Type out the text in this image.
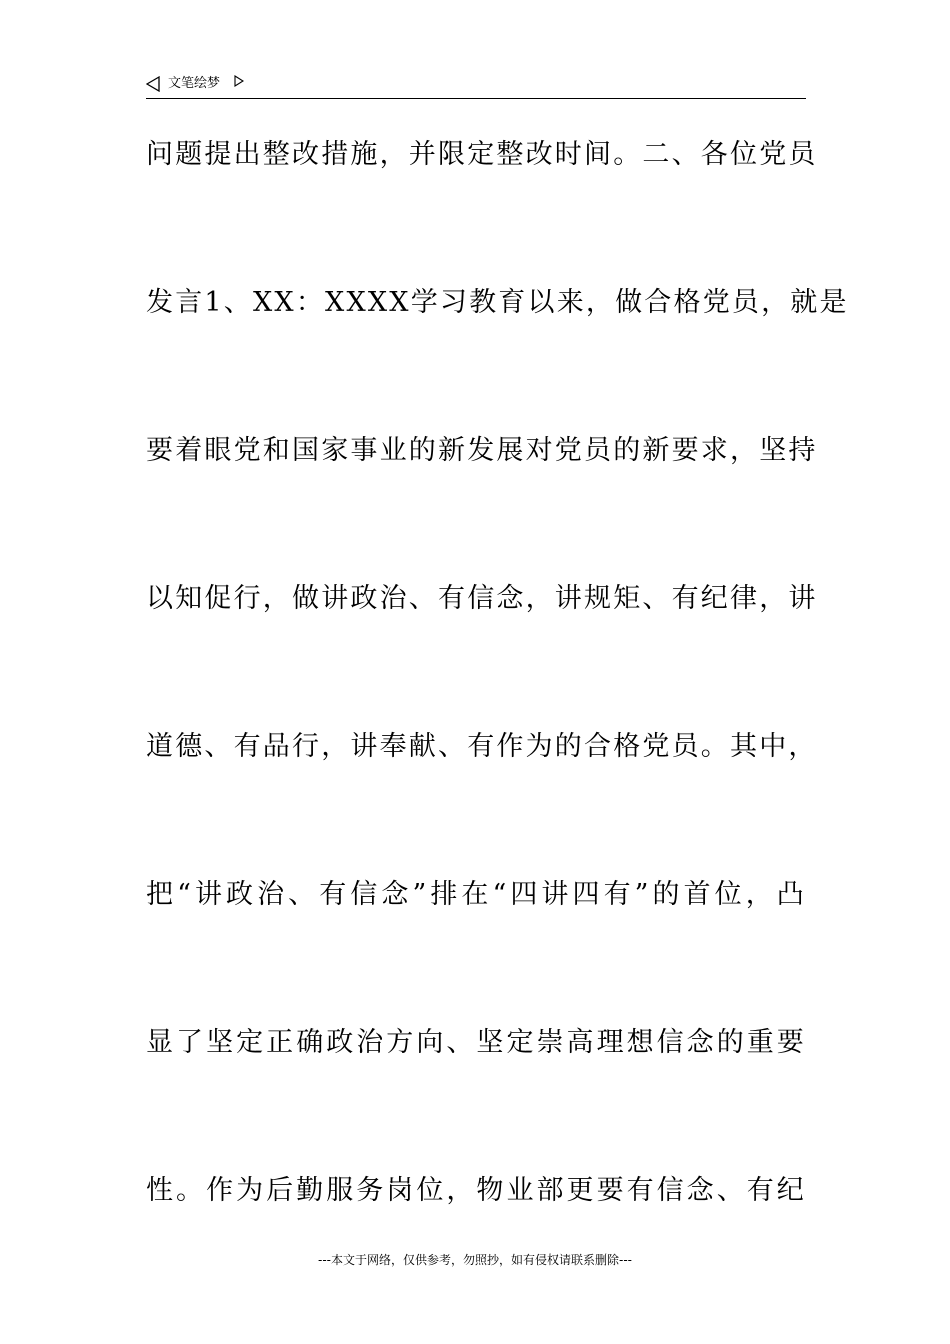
文笔绘梦
问题提出整改措施，并限定整改时间。二、各位党员
发言1、XX：XXXX学习教育以来，做合格党员，就是
要着眼党和国家事业的新发展对党员的新要求，坚持
以知促行，做讲政治、有信念，讲规矩、有纪律，讲
道德、有品行，讲奉献、有作为的合格党员。其中，
把“讲政治、有信念”排在“四讲四有”的首位，凸
显了坚定正确政治方向、坚定崇高理想信念的重要
性。作为后勤服务岗位，物业部更要有信念、有纪
---本文于网络，仅供参考，勿照抄，如有侵权请联系删除---
